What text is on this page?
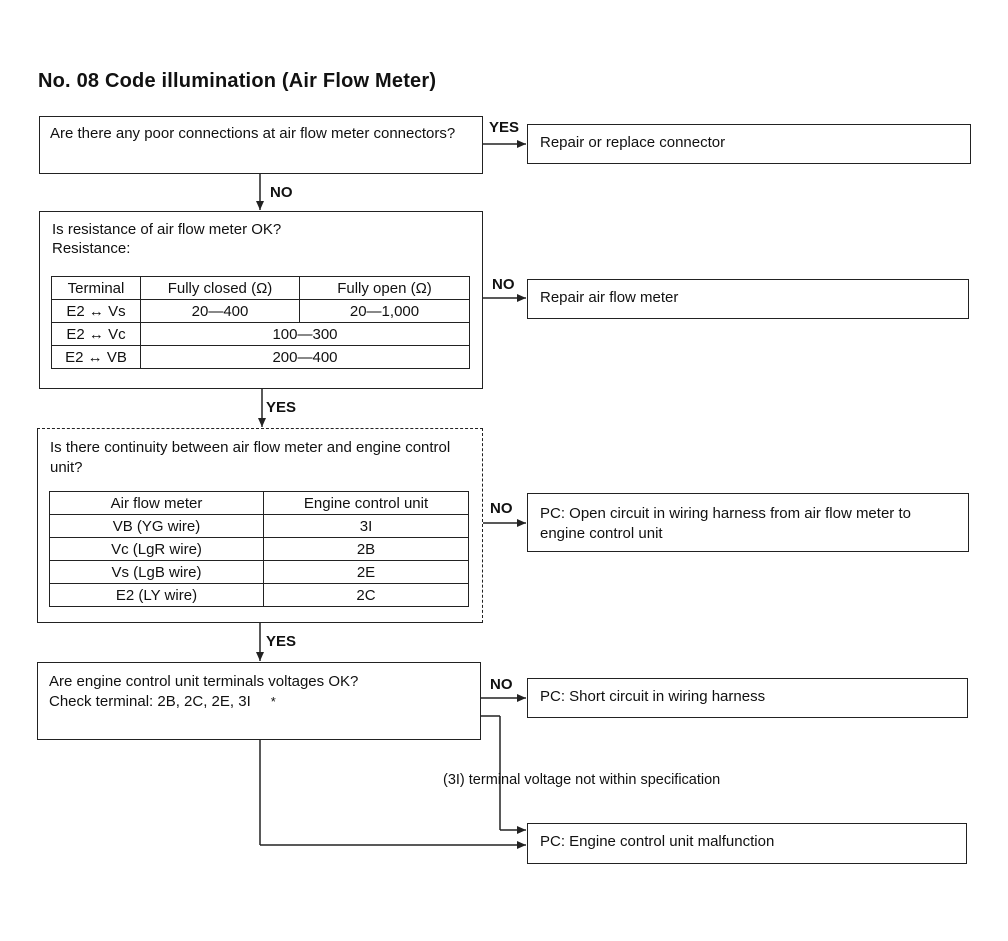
No. 08 Code illumination (Air Flow Meter)
Are there any poor connections at air flow meter connectors?	YES
Repair or replace connector
NO
Is resistance of air flow meter OK?
Resistance:
Terminal	Fully closed (Ω)	Fully open (Ω)
E2 ↔ Vs	20—400	20—1,000
E2 ↔ Vc	100—300	
E2 ↔ VB	200—400	
NO
Repair air flow meter
YES
Is there continuity between air flow meter and engine control unit?
Air flow meter	Engine control unit
VB (YG wire)	3I
Vc (LgR wire)	2B
Vs (LgB wire)	2E
E2 (LY wire)	2C
NO	PC: Open circuit in wiring harness from air flow meter to engine control unit
YES
Are engine control unit terminals voltages OK?
Check terminal: 2B, 2C, 2E, 3I *
NO
PC: Short circuit in wiring harness
(3I) terminal voltage not within specification
PC: Engine control unit malfunction
